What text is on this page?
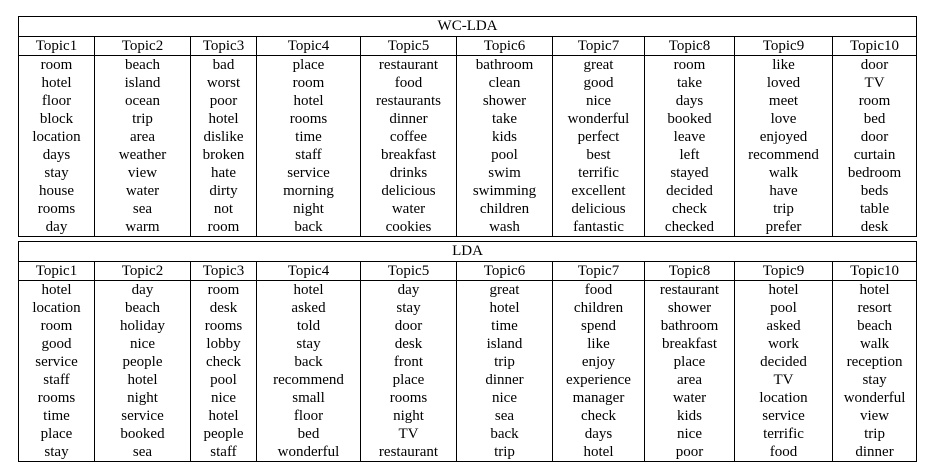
WC-LDA									
Topic1	Topic2	Topic3	Topic4	Topic5	Topic6	Topic7	Topic8	Topic9	Topic10
room	beach	bad	place	restaurant	bathroom	great	room	like	door
hotel	island	worst	room	food	clean	good	take	loved	TV
floor	ocean	poor	hotel	restaurants	shower	nice	days	meet	room
block	trip	hotel	rooms	dinner	take	wonderful	booked	love	bed
location	area	dislike	time	coffee	kids	perfect	leave	enjoyed	door
days	weather	broken	staff	breakfast	pool	best	left	recommend	curtain
stay	view	hate	service	drinks	swim	terrific	stayed	walk	bedroom
house	water	dirty	morning	delicious	swimming	excellent	decided	have	beds
rooms	sea	not	night	water	children	delicious	check	trip	table
day	warm	room	back	cookies	wash	fantastic	checked	prefer	desk
LDA									
Topic1	Topic2	Topic3	Topic4	Topic5	Topic6	Topic7	Topic8	Topic9	Topic10
hotel	day	room	hotel	day	great	food	restaurant	hotel	hotel
location	beach	desk	asked	stay	hotel	children	shower	pool	resort
room	holiday	rooms	told	door	time	spend	bathroom	asked	beach
good	nice	lobby	stay	desk	island	like	breakfast	work	walk
service	people	check	back	front	trip	enjoy	place	decided	reception
staff	hotel	pool	recommend	place	dinner	experience	area	TV	stay
rooms	night	nice	small	rooms	nice	manager	water	location	wonderful
time	service	hotel	floor	night	sea	check	kids	service	view
place	booked	people	bed	TV	back	days	nice	terrific	trip
stay	sea	staff	wonderful	restaurant	trip	hotel	poor	food	dinner
